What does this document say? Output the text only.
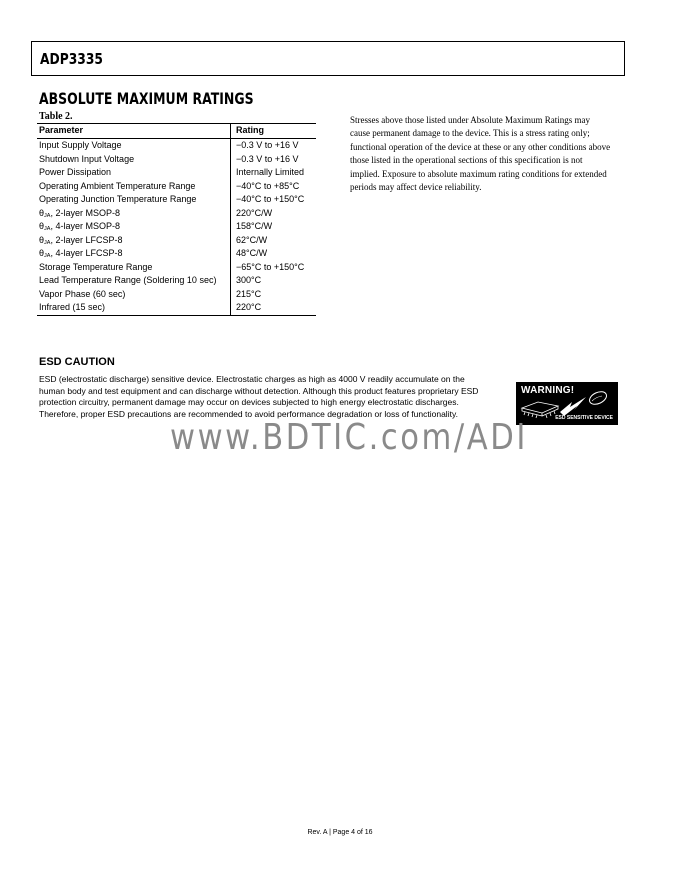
ADP3335
ABSOLUTE MAXIMUM RATINGS
Table 2.
Parameter	Rating
Input Supply Voltage	−0.3 V to +16 V
Shutdown Input Voltage	−0.3 V to +16 V
Power Dissipation	Internally Limited
Operating Ambient Temperature Range	−40°C to +85°C
Operating Junction Temperature Range	−40°C to +150°C
$\theta_{JA}$, 2-layer MSOP-8	220°C/W
$\theta_{JA}$, 4-layer MSOP-8	158°C/W
$\theta_{JA}$, 2-layer LFCSP-8	62°C/W
$\theta_{JA}$, 4-layer LFCSP-8	48°C/W
Storage Temperature Range	−65°C to +150°C
Lead Temperature Range (Soldering 10 sec)	300°C
Vapor Phase (60 sec)	215°C
Infrared (15 sec)	220°C
Stresses above those listed under Absolute Maximum Ratings may cause permanent damage to the device. This is a stress rating only; functional operation of the device at these or any other conditions above those listed in the operational sections of this specification is not implied. Exposure to absolute maximum rating conditions for extended periods may affect device reliability.
ESD CAUTION
ESD (electrostatic discharge) sensitive device. Electrostatic charges as high as 4000 V readily accumulate on the human body and test equipment and can discharge without detection. Although this product features proprietary ESD protection circuitry, permanent damage may occur on devices subjected to high energy electrostatic discharges. Therefore, proper ESD precautions are recommended to avoid performance degradation or loss of functionality.
WARNING!
ESD SENSITIVE DEVICE
www.BDTIC.com/ADI
Rev. A | Page 4 of 16
